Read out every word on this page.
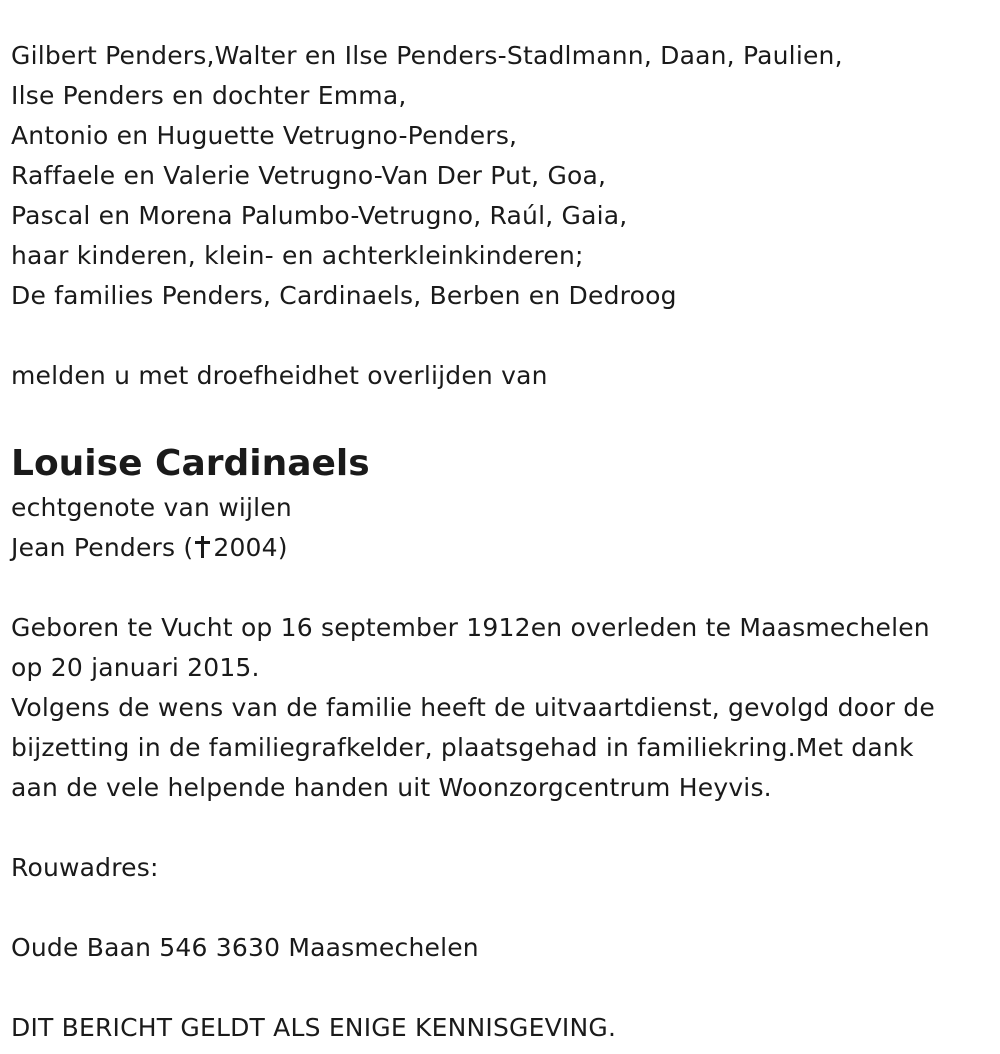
Gilbert Penders,Walter en Ilse Penders-Stadlmann, Daan, Paulien,
Ilse Penders en dochter Emma,
Antonio en Huguette Vetrugno-Penders,
Raffaele en Valerie Vetrugno-Van Der Put, Goa,
Pascal en Morena Palumbo-Vetrugno, Raúl, Gaia,
haar kinderen, klein- en achterkleinkinderen;
De families Penders, Cardinaels, Berben en Dedroog
melden u met droefheidhet overlijden van
Louise Cardinaels
echtgenote van wijlen
Jean Penders ( 2004)
Geboren te Vucht op 16 september 1912en overleden te Maasmechelen
op 20 januari 2015.
Volgens de wens van de familie heeft de uitvaartdienst, gevolgd door de
bijzetting in de familiegrafkelder, plaatsgehad in familiekring.Met dank
aan de vele helpende handen uit Woonzorgcentrum Heyvis.
Rouwadres:
Oude Baan 546 3630 Maasmechelen
DIT BERICHT GELDT ALS ENIGE KENNISGEVING.
